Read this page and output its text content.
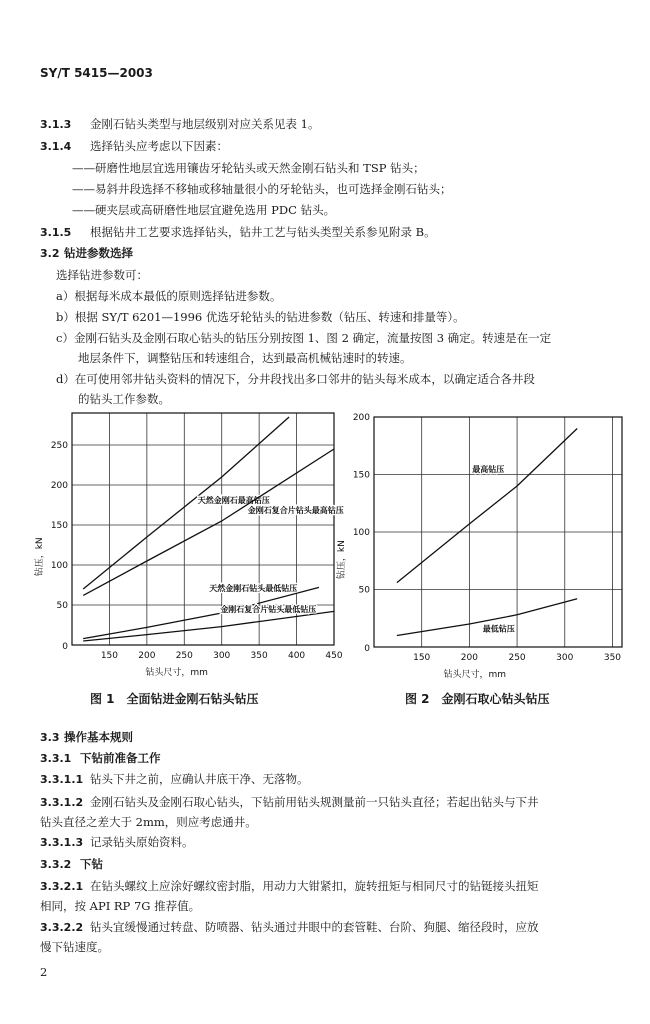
SY/T 5415—2003
3.1.3 金刚石钻头类型与地层级别对应关系见表 1。
3.1.4 选择钻头应考虑以下因素：
——研磨性地层宜选用镶齿牙轮钻头或天然金刚石钻头和 TSP 钻头；
——易斜井段选择不移轴或移轴量很小的牙轮钻头，也可选择金刚石钻头；
——硬夹层或高研磨性地层宜避免选用 PDC 钻头。
3.1.5 根据钻井工艺要求选择钻头，钻井工艺与钻头类型关系参见附录 B。
3.2 钻进参数选择
选择钻进参数可：
a）根据每米成本最低的原则选择钻进参数。
b）根据 SY/T 6201—1996 优选牙轮钻头的钻进参数（钻压、转速和排量等）。
c）金刚石钻头及金刚石取心钻头的钻压分别按图 1、图 2 确定，流量按图 3 确定。转速是在一定
地层条件下，调整钻压和转速组合，达到最高机械钻速时的转速。
d）在可使用邻井钻头资料的情况下，分井段找出多口邻井的钻头每米成本，以确定适合各井段
的钻头工作参数。
150 200 250 300 350 400 450
50
100
150
200
250
0
钻头尺寸，mm
钻压，kN
天然金刚石最高钻压
金刚石复合片钻头最高钻压
天然金刚石钻头最低钻压
金刚石复合片钻头最低钻压
图 1　全面钻进金刚石钻头钻压
150	200	250	300	350
50
100
150
200
0
钻头尺寸，mm
钻压，kN
最高钻压
最低钻压
图 2　金刚石取心钻头钻压
3.3 操作基本规则
3.3.1 下钻前准备工作
3.3.1.1 钻头下井之前，应确认井底干净、无落物。
3.3.1.2 金刚石钻头及金刚石取心钻头，下钻前用钻头规测量前一只钻头直径；若起出钻头与下井
钻头直径之差大于 2mm，则应考虑通井。
3.3.1.3 记录钻头原始资料。
3.3.2 下钻
3.3.2.1 在钻头螺纹上应涂好螺纹密封脂，用动力大钳紧扣，旋转扭矩与相同尺寸的钻铤接头扭矩
相同，按 API RP 7G 推荐值。
3.3.2.2 钻头宜缓慢通过转盘、防喷器、钻头通过井眼中的套管鞋、台阶、狗腿、缩径段时，应放
慢下钻速度。
2
